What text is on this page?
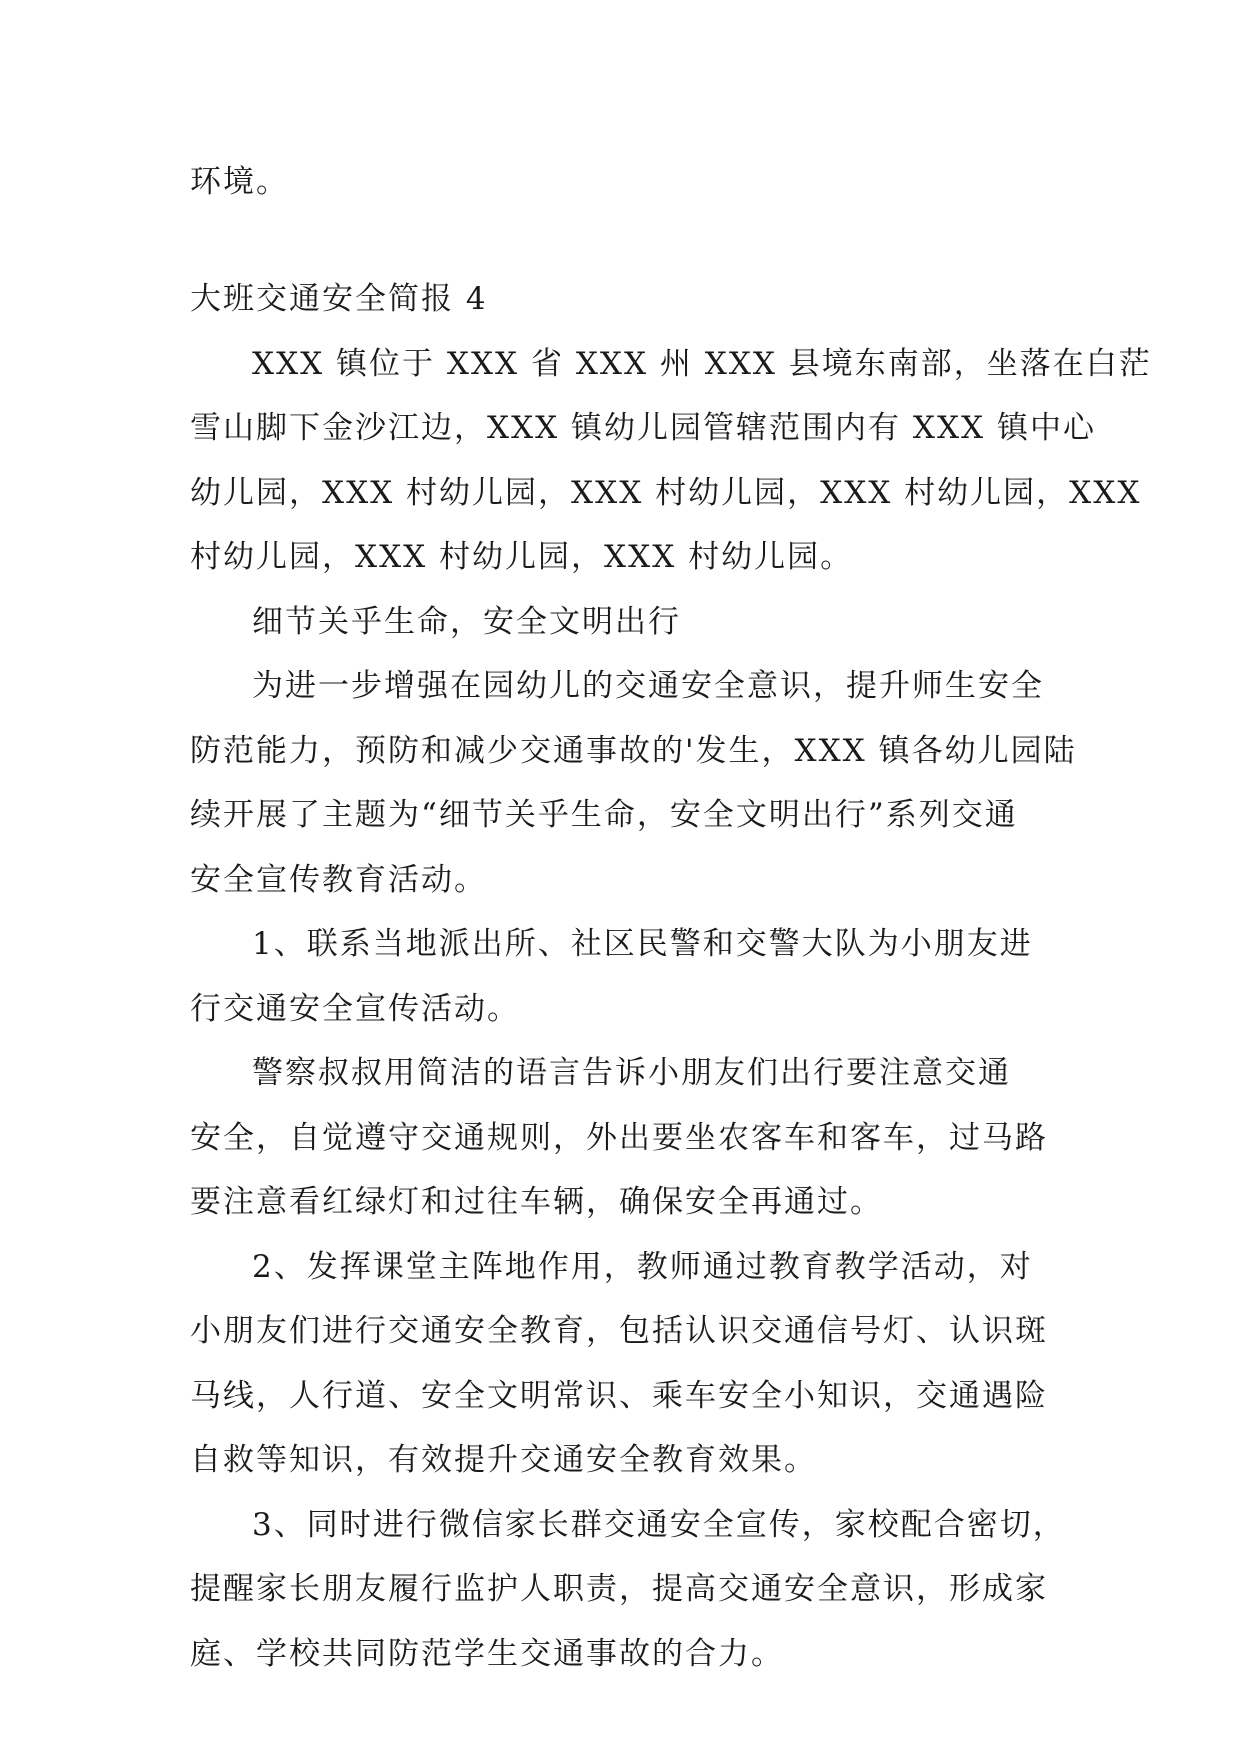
环境。
大班交通安全简报 4
XXX 镇位于 XXX 省 XXX 州 XXX 县境东南部，坐落在白茫
雪山脚下金沙江边，XXX 镇幼儿园管辖范围内有 XXX 镇中心
幼儿园，XXX 村幼儿园，XXX 村幼儿园，XXX 村幼儿园，XXX
村幼儿园，XXX 村幼儿园，XXX 村幼儿园。
细节关乎生命，安全文明出行
为进一步增强在园幼儿的交通安全意识，提升师生安全
防范能力，预防和减少交通事故的'发生，XXX 镇各幼儿园陆
续开展了主题为“细节关乎生命，安全文明出行”系列交通
安全宣传教育活动。
1、联系当地派出所、社区民警和交警大队为小朋友进
行交通安全宣传活动。
警察叔叔用简洁的语言告诉小朋友们出行要注意交通
安全，自觉遵守交通规则，外出要坐农客车和客车，过马路
要注意看红绿灯和过往车辆，确保安全再通过。
2、发挥课堂主阵地作用，教师通过教育教学活动，对
小朋友们进行交通安全教育，包括认识交通信号灯、认识斑
马线，人行道、安全文明常识、乘车安全小知识，交通遇险
自救等知识，有效提升交通安全教育效果。
3、同时进行微信家长群交通安全宣传，家校配合密切，
提醒家长朋友履行监护人职责，提高交通安全意识，形成家
庭、学校共同防范学生交通事故的合力。
